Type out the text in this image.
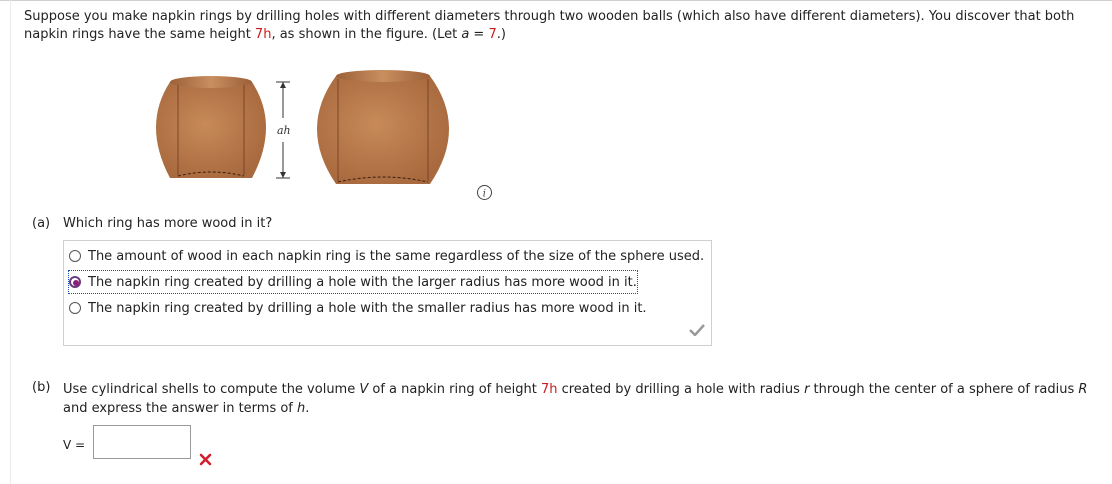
Suppose you make napkin rings by drilling holes with different diameters through two wooden balls (which also have different diameters). You discover that both napkin rings have the same height 7h, as shown in the figure. (Let a = 7.)
ah
i
(a) Which ring has more wood in it?
The amount of wood in each napkin ring is the same regardless of the size of the sphere used.
The napkin ring created by drilling a hole with the larger radius has more wood in it.
The napkin ring created by drilling a hole with the smaller radius has more wood in it.
(b) Use cylindrical shells to compute the volume V of a napkin ring of height 7h created by drilling a hole with radius r through the center of a sphere of radius R
and express the answer in terms of h.
V =
